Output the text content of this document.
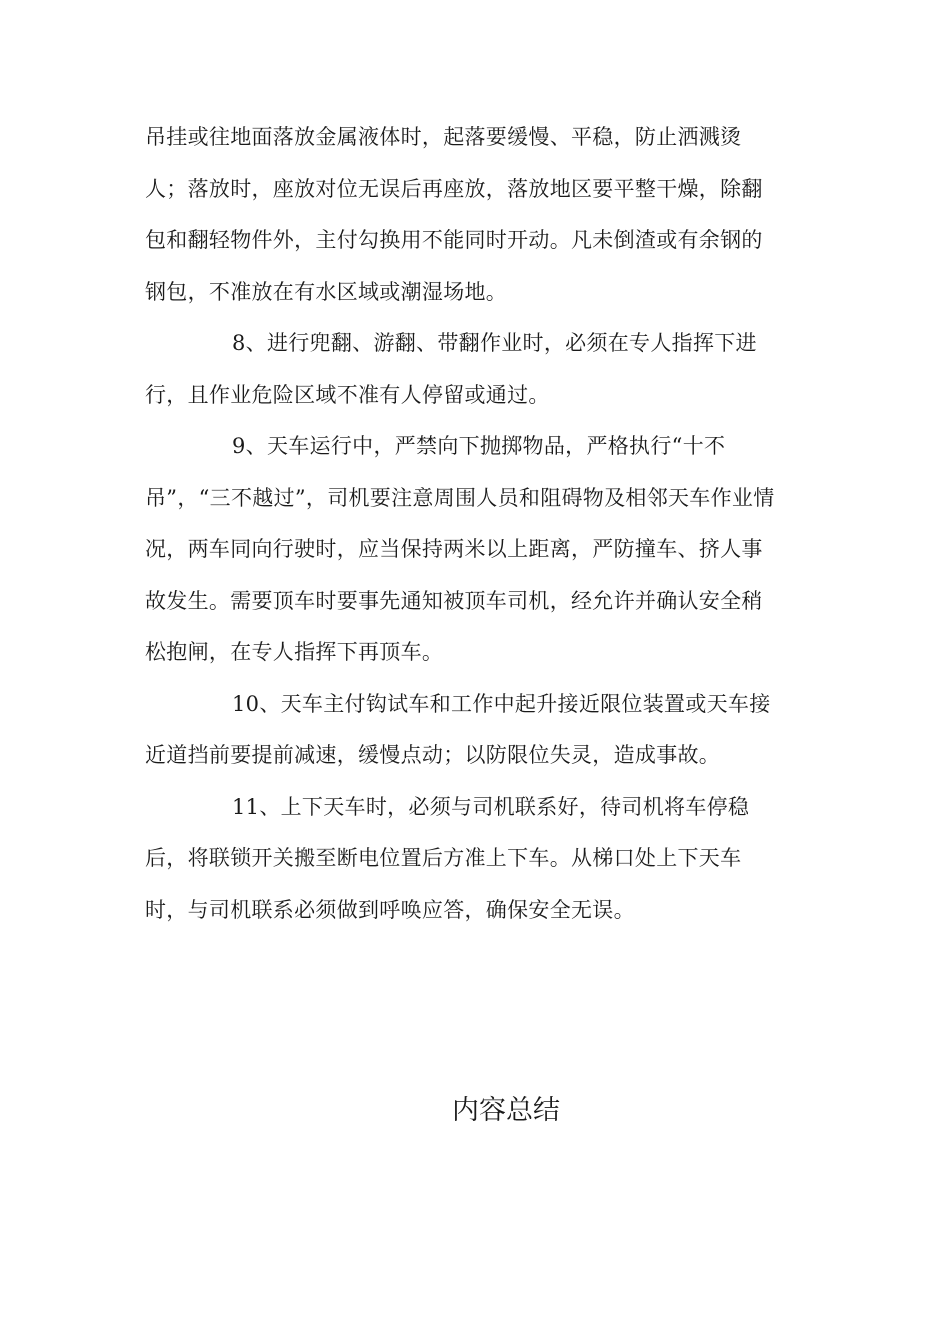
吊挂或往地面落放金属液体时，起落要缓慢、平稳，防止洒溅烫
人；落放时，座放对位无误后再座放，落放地区要平整干燥，除翻
包和翻轻物件外，主付勾换用不能同时开动。凡未倒渣或有余钢的
钢包，不准放在有水区域或潮湿场地。
8、进行兜翻、游翻、带翻作业时，必须在专人指挥下进
行，且作业危险区域不准有人停留或通过。
9、天车运行中，严禁向下抛掷物品，严格执行“十不
吊”，“三不越过”，司机要注意周围人员和阻碍物及相邻天车作业情
况，两车同向行驶时，应当保持两米以上距离，严防撞车、挤人事
故发生。需要顶车时要事先通知被顶车司机，经允许并确认安全稍
松抱闸，在专人指挥下再顶车。
10、天车主付钩试车和工作中起升接近限位装置或天车接
近道挡前要提前减速，缓慢点动；以防限位失灵，造成事故。
11、上下天车时，必须与司机联系好，待司机将车停稳
后，将联锁开关搬至断电位置后方准上下车。从梯口处上下天车
时，与司机联系必须做到呼唤应答，确保安全无误。
内容总结
